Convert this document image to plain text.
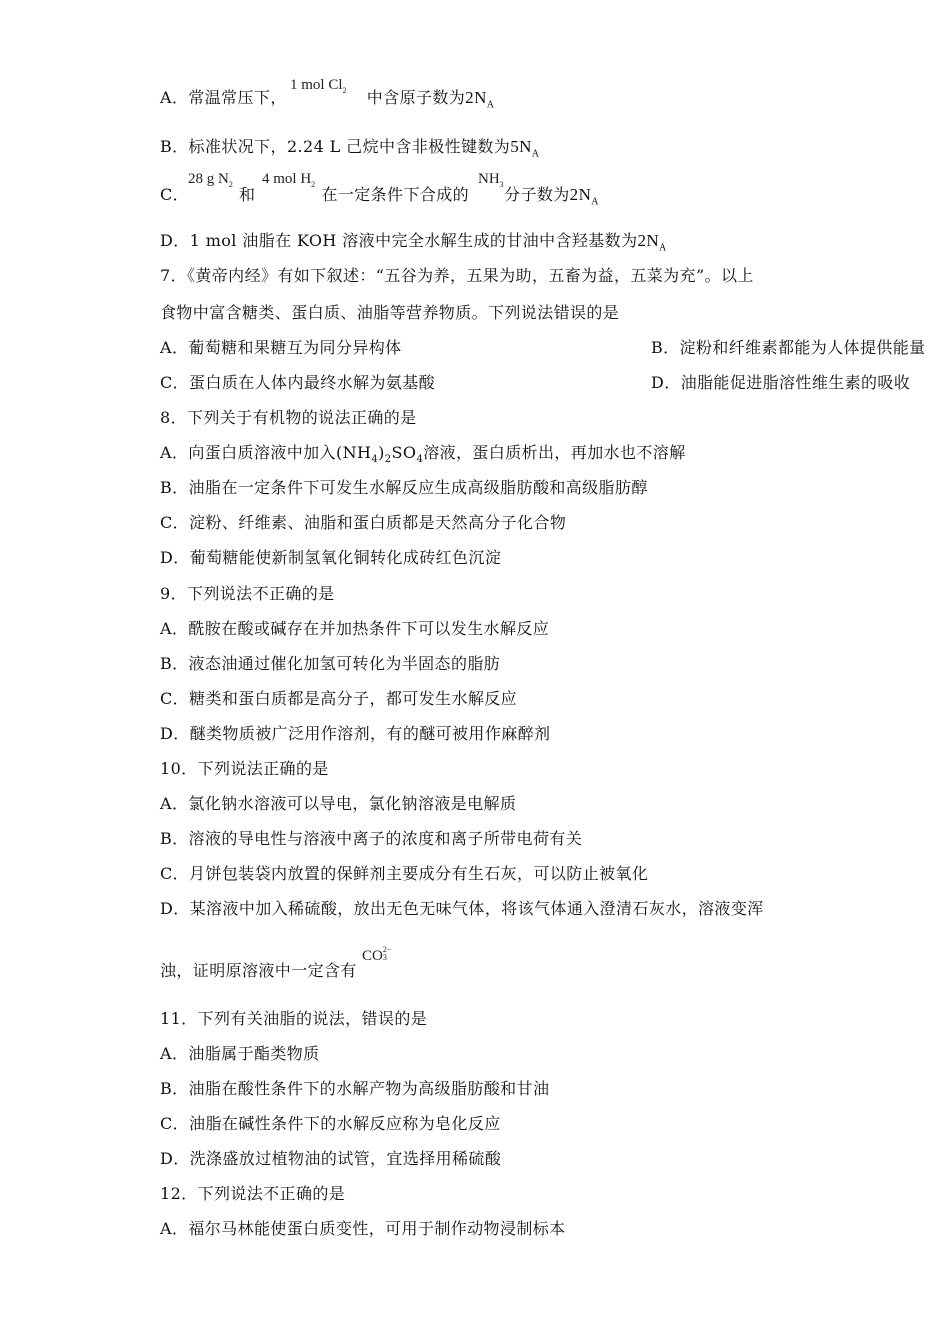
A．常温常压下，	中含原子数为$2N_A$

1 mol $Cl_2$

B．标准状况下，2.24 L 己烷中含非极性键数为$5N_A$

C．	和	在一定条件下合成的 分子数为$2N_A$

28 g $N_2$ 4 mol $H_2$	$NH_3$

D．1 mol 油脂在 KOH 溶液中完全水解生成的甘油中含羟基数为$2N_A$

7．《黄帝内经》有如下叙述：“五谷为养，五果为助，五畜为益，五菜为充”。以上

食物中富含糖类、蛋白质、油脂等营养物质。下列说法错误的是

A．葡萄糖和果糖互为同分异构体	B．淀粉和纤维素都能为人体提供能量

C．蛋白质在人体内最终水解为氨基酸	D．油脂能促进脂溶性维生素的吸收

8．下列关于有机物的说法正确的是

A．向蛋白质溶液中加入$(NH_4)_2SO_4$溶液，蛋白质析出，再加水也不溶解

B．油脂在一定条件下可发生水解反应生成高级脂肪酸和高级脂肪醇

C．淀粉、纤维素、油脂和蛋白质都是天然高分子化合物

D．葡萄糖能使新制氢氧化铜转化成砖红色沉淀

9．下列说法不正确的是

A．酰胺在酸或碱存在并加热条件下可以发生水解反应

B．液态油通过催化加氢可转化为半固态的脂肪

C．糖类和蛋白质都是高分子，都可发生水解反应

D．醚类物质被广泛用作溶剂，有的醚可被用作麻醉剂

10．下列说法正确的是

A．氯化钠水溶液可以导电，氯化钠溶液是电解质

B．溶液的导电性与溶液中离子的浓度和离子所带电荷有关

C．月饼包装袋内放置的保鲜剂主要成分有生石灰，可以防止被氧化

D．某溶液中加入稀硫酸，放出无色无味气体，将该气体通入澄清石灰水，溶液变浑

浊，证明原溶液中一定含有

CO 2−
3

11．下列有关油脂的说法，错误的是

A．油脂属于酯类物质

B．油脂在酸性条件下的水解产物为高级脂肪酸和甘油

C．油脂在碱性条件下的水解反应称为皂化反应

D．洗涤盛放过植物油的试管，宜选择用稀硫酸

12．下列说法不正确的是

A．福尔马林能使蛋白质变性，可用于制作动物浸制标本
